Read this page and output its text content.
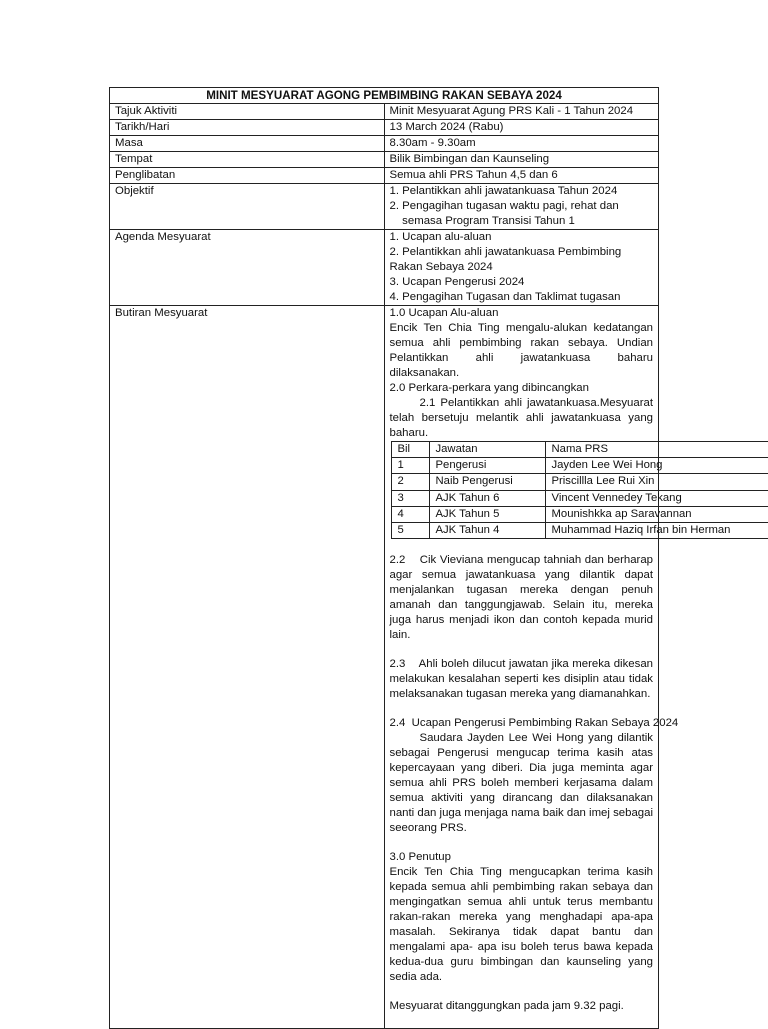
MINIT MESYUARAT AGONG PEMBIMBING RAKAN SEBAYA 2024
Tajuk Aktiviti	Minit Mesyuarat Agung PRS Kali - 1 Tahun 2024
Tarikh/Hari	13 March 2024 (Rabu)
Masa	8.30am - 9.30am
Tempat	Bilik Bimbingan dan Kaunseling
Penglibatan	Semua ahli PRS Tahun 4,5 dan 6
Objektif	1. Pelantikkan ahli jawatankuasa Tahun 2024
2. Pengagihan tugasan waktu pagi, rehat dan semasa Program Transisi Tahun 1

Agenda Mesyuarat	1. Ucapan alu-aluan
2. Pelantikkan ahli jawatankuasa Pembimbing Rakan Sebaya 2024
3. Ucapan Pengerusi 2024
4. Pengagihan Tugasan dan Taklimat tugasan

Butiran Mesyuarat	1.0 Ucapan Alu-aluan
Encik Ten Chia Ting mengalu-alukan kedatangan semua ahli pembimbing rakan sebaya. Undian Pelantikkan ahli jawatankuasa baharu dilaksanakan.
2.0 Perkara-perkara yang dibincangkan
2.1 Pelantikkan ahli jawatankuasa.Mesyuarat telah bersetuju melantik ahli jawatankuasa yang baharu.
Bil	Jawatan	Nama PRS
1	Pengerusi	Jayden Lee Wei Hong
2	Naib Pengerusi	Priscillla Lee Rui Xin
3	AJK Tahun 6	Vincent Vennedey Tekang
4	AJK Tahun 5	Mounishkka ap Saravannan
5	AJK Tahun 4	Muhammad Haziq Irfan bin Herman
2.2    Cik Vieviana mengucap tahniah dan berharap agar semua jawatankuasa yang dilantik dapat menjalankan tugasan mereka dengan penuh amanah dan tanggungjawab. Selain itu, mereka juga harus menjadi ikon dan contoh kepada murid lain.
2.3    Ahli boleh dilucut jawatan jika mereka dikesan melakukan kesalahan seperti kes disiplin atau tidak melaksanakan tugasan mereka yang diamanahkan.
2.4  Ucapan Pengerusi Pembimbing Rakan Sebaya 2024
Saudara Jayden Lee Wei Hong yang dilantik sebagai Pengerusi mengucap terima kasih atas kepercayaan yang diberi. Dia juga meminta agar semua ahli PRS boleh memberi kerjasama dalam semua aktiviti yang dirancang dan dilaksanakan nanti dan juga menjaga nama baik dan imej sebagai seeorang PRS.
3.0 Penutup
Encik Ten Chia Ting mengucapkan terima kasih kepada semua ahli pembimbing rakan sebaya dan mengingatkan semua ahli untuk terus membantu rakan-rakan mereka yang menghadapi apa-apa masalah. Sekiranya tidak dapat bantu dan mengalami apa- apa isu boleh terus bawa kepada kedua-dua guru bimbingan dan kaunseling yang sedia ada.
Mesyuarat ditanggungkan pada jam 9.32 pagi.
